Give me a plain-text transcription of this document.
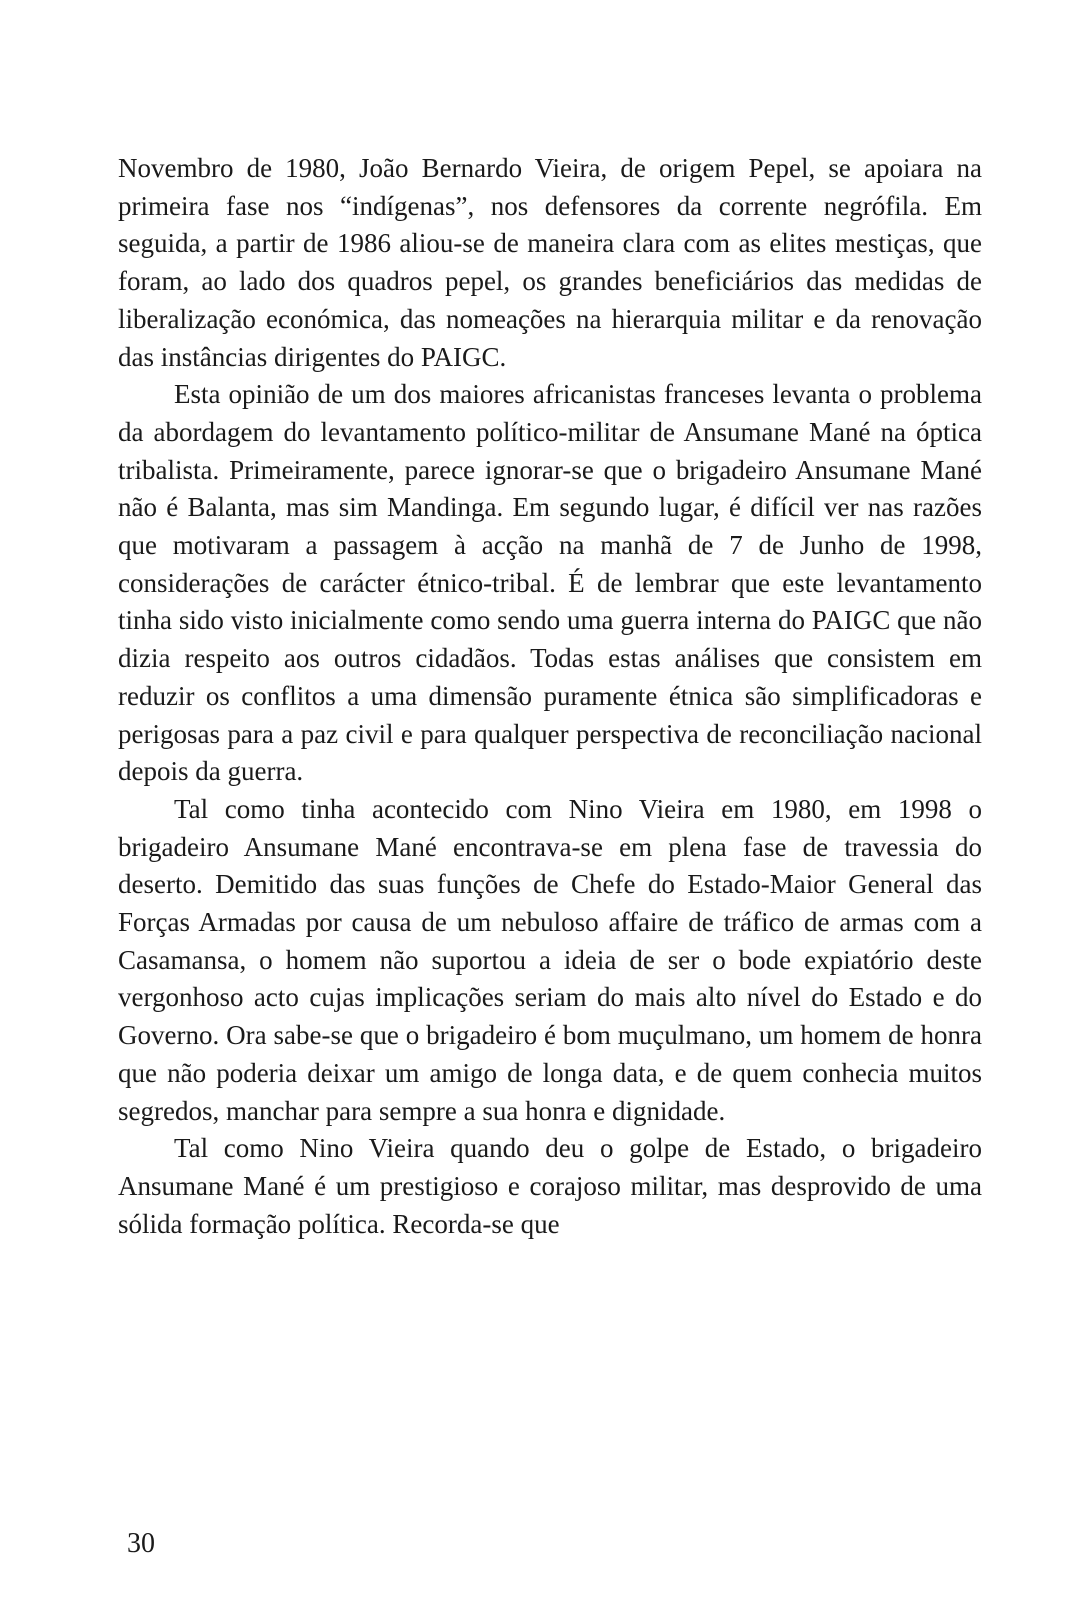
Novembro de 1980, João Bernardo Vieira, de origem Pepel, se apoiara na primeira fase nos “indígenas”, nos defensores da corrente negrófila. Em seguida, a partir de 1986 aliou-se de maneira clara com as elites mestiças, que foram, ao lado dos quadros pepel, os grandes beneficiários das medidas de liberalização económica, das nomeações na hierarquia militar e da renovação das instâncias dirigentes do PAIGC.

Esta opinião de um dos maiores africanistas franceses levanta o problema da abordagem do levantamento político-militar de Ansumane Mané na óptica tribalista. Primeiramente, parece ignorar-se que o brigadeiro Ansumane Mané não é Balanta, mas sim Mandinga. Em segundo lugar, é difícil ver nas razões que motivaram a passagem à acção na manhã de 7 de Junho de 1998, considerações de carácter étnico-tribal. É de lembrar que este levantamento tinha sido visto inicialmente como sendo uma guerra interna do PAIGC que não dizia respeito aos outros cidadãos. Todas estas análises que consistem em reduzir os conflitos a uma dimensão puramente étnica são simplificadoras e perigosas para a paz civil e para qualquer perspectiva de reconciliação nacional depois da guerra.

Tal como tinha acontecido com Nino Vieira em 1980, em 1998 o brigadeiro Ansumane Mané encontrava-se em plena fase de travessia do deserto. Demitido das suas funções de Chefe do Estado-Maior General das Forças Armadas por causa de um nebuloso affaire de tráfico de armas com a Casamansa, o homem não suportou a ideia de ser o bode expiatório deste vergonhoso acto cujas implicações seriam do mais alto nível do Estado e do Governo. Ora sabe-se que o brigadeiro é bom muçulmano, um homem de honra que não poderia deixar um amigo de longa data, e de quem conhecia muitos segredos, manchar para sempre a sua honra e dignidade.

Tal como Nino Vieira quando deu o golpe de Estado, o brigadeiro Ansumane Mané é um prestigioso e corajoso militar, mas desprovido de uma sólida formação política. Recorda-se que

30
